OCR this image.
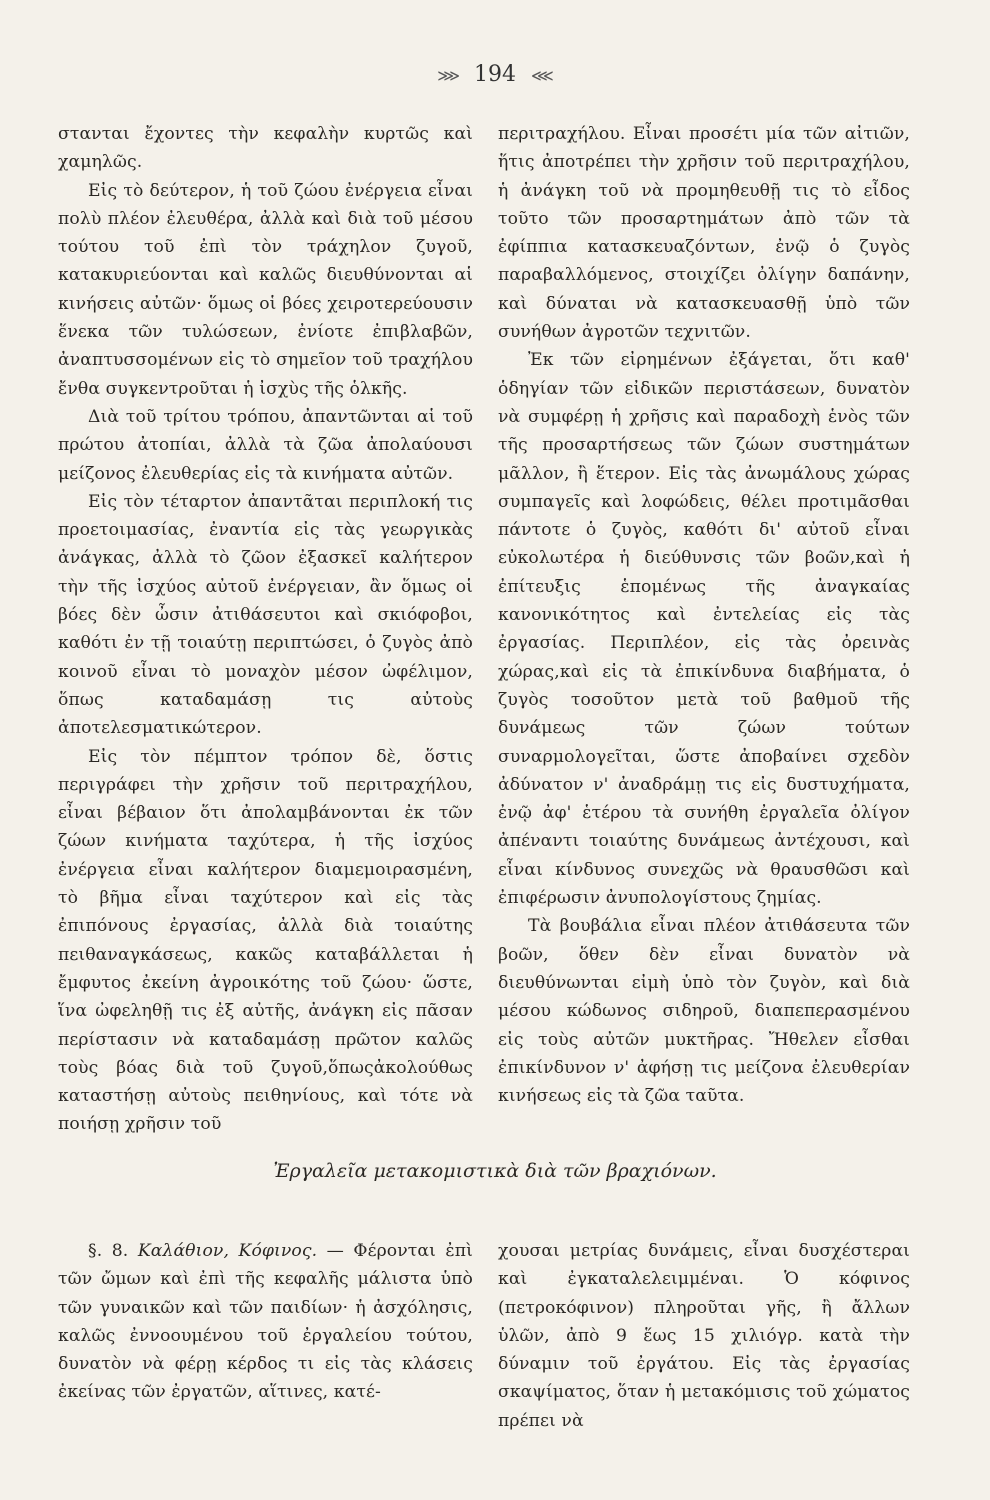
⋙ 194 ⋘

στανται ἔχοντες τὴν κεφαλὴν κυρτῶς καὶ χαμηλῶς.

Εἰς τὸ δεύτερον, ἡ τοῦ ζώου ἐνέργεια εἶναι πολὺ πλέον ἐλευθέρα, ἀλλὰ καὶ διὰ τοῦ μέσου τούτου τοῦ ἐπὶ τὸν τράχηλον ζυγοῦ, κατακυριεύονται καὶ καλῶς διευθύνονται αἱ κινήσεις αὐτῶν· ὅμως οἱ βόες χειροτερεύουσιν ἕνεκα τῶν τυλώσεων, ἐνίοτε ἐπιβλαβῶν, ἀναπτυσσομένων εἰς τὸ σημεῖον τοῦ τραχήλου ἔνθα συγκεντροῦται ἡ ἰσχὺς τῆς ὁλκῆς.

Διὰ τοῦ τρίτου τρόπου, ἀπαντῶνται αἱ τοῦ πρώτου ἀτοπίαι, ἀλλὰ τὰ ζῶα ἀπολαύουσι μείζονος ἐλευθερίας εἰς τὰ κινήματα αὐτῶν.

Εἰς τὸν τέταρτον ἀπαντᾶται περιπλοκή τις προετοιμασίας, ἐναντία εἰς τὰς γεωργικὰς ἀνάγκας, ἀλλὰ τὸ ζῶον ἐξασκεῖ καλήτερον τὴν τῆς ἰσχύος αὐτοῦ ἐνέργειαν, ἂν ὅμως οἱ βόες δὲν ὦσιν ἀτιθάσευτοι καὶ σκιόφοβοι, καθότι ἐν τῇ τοιαύτῃ περιπτώσει, ὁ ζυγὸς ἀπὸ κοινοῦ εἶναι τὸ μοναχὸν μέσον ὠφέλιμον, ὅπως καταδαμάσῃ τις αὐτοὺς ἀποτελεσματικώτερον.

Εἰς τὸν πέμπτον τρόπον δὲ, ὅστις περιγράφει τὴν χρῆσιν τοῦ περιτραχήλου, εἶναι βέβαιον ὅτι ἀπολαμβάνονται ἐκ τῶν ζώων κινήματα ταχύτερα, ἡ τῆς ἰσχύος ἐνέργεια εἶναι καλήτερον διαμεμοιρασμένη, τὸ βῆμα εἶναι ταχύτερον καὶ εἰς τὰς ἐπιπόνους ἐργασίας, ἀλλὰ διὰ τοιαύτης πειθαναγκάσεως, κακῶς καταβάλλεται ἡ ἔμφυτος ἐκείνη ἀγροικότης τοῦ ζώου· ὥστε, ἵνα ὠφεληθῇ τις ἐξ αὐτῆς, ἀνάγκη εἰς πᾶσαν περίστασιν νὰ καταδαμάσῃ πρῶτον καλῶς τοὺς βόας διὰ τοῦ ζυγοῦ,ὅπωςἀκολούθως καταστήσῃ αὐτοὺς πειθηνίους, καὶ τότε νὰ ποιήσῃ χρῆσιν τοῦ

περιτραχήλου. Εἶναι προσέτι μία τῶν αἰτιῶν, ἥτις ἀποτρέπει τὴν χρῆσιν τοῦ περιτραχήλου, ἡ ἀνάγκη τοῦ νὰ προμηθευθῇ τις τὸ εἶδος τοῦτο τῶν προσαρτημάτων ἀπὸ τῶν τὰ ἐφίππια κατασκευαζόντων, ἐνῷ ὁ ζυγὸς παραβαλλόμενος, στοιχίζει ὀλίγην δαπάνην, καὶ δύναται νὰ κατασκευασθῇ ὑπὸ τῶν συνήθων ἀγροτῶν τεχνιτῶν.

Ἐκ τῶν εἰρημένων ἐξάγεται, ὅτι καθ' ὁδηγίαν τῶν εἰδικῶν περιστάσεων, δυνατὸν νὰ συμφέρῃ ἡ χρῆσις καὶ παραδοχὴ ἑνὸς τῶν τῆς προσαρτήσεως τῶν ζώων συστημάτων μᾶλλον, ἢ ἕτερον. Εἰς τὰς ἀνωμάλους χώρας συμπαγεῖς καὶ λοφώδεις, θέλει προτιμᾶσθαι πάντοτε ὁ ζυγὸς, καθότι δι' αὐτοῦ εἶναι εὐκολωτέρα ἡ διεύθυνσις τῶν βοῶν,καὶ ἡ ἐπίτευξις ἑπομένως τῆς ἀναγκαίας κανονικότητος καὶ ἐντελείας εἰς τὰς ἐργασίας. Περιπλέον, εἰς τὰς ὀρεινὰς χώρας,καὶ εἰς τὰ ἐπικίνδυνα διαβήματα, ὁ ζυγὸς τοσοῦτον μετὰ τοῦ βαθμοῦ τῆς δυνάμεως τῶν ζώων τούτων συναρμολογεῖται, ὥστε ἀποβαίνει σχεδὸν ἀδύνατον ν' ἀναδράμῃ τις εἰς δυστυχήματα, ἐνῷ ἀφ' ἑτέρου τὰ συνήθη ἐργαλεῖα ὀλίγον ἀπέναντι τοιαύτης δυνάμεως ἀντέχουσι, καὶ εἶναι κίνδυνος συνεχῶς νὰ θραυσθῶσι καὶ ἐπιφέρωσιν ἀνυπολογίστους ζημίας.

Τὰ βουβάλια εἶναι πλέον ἀτιθάσευτα τῶν βοῶν, ὅθεν δὲν εἶναι δυνατὸν νὰ διευθύνωνται εἰμὴ ὑπὸ τὸν ζυγὸν, καὶ διὰ μέσου κώδωνος σιδηροῦ, διαπεπερασμένου εἰς τοὺς αὐτῶν μυκτῆρας. Ἤθελεν εἶσθαι ἐπικίνδυνον ν' ἀφήσῃ τις μείζονα ἐλευθερίαν κινήσεως εἰς τὰ ζῶα ταῦτα.

Ἐργαλεῖα μετακομιστικὰ διὰ τῶν βραχιόνων.

§. 8. Καλάθιον, Κόφινος. — Φέρονται ἐπὶ τῶν ὤμων καὶ ἐπὶ τῆς κεφαλῆς μάλιστα ὑπὸ τῶν γυναικῶν καὶ τῶν παιδίων· ἡ ἀσχόλησις, καλῶς ἐννοουμένου τοῦ ἐργαλείου τούτου, δυνατὸν νὰ φέρῃ κέρδος τι εἰς τὰς κλάσεις ἐκείνας τῶν ἐργατῶν, αἵτινες, κατέ-

χουσαι μετρίας δυνάμεις, εἶναι δυσχέστεραι καὶ ἐγκαταλελειμμέναι. Ὁ κόφινος (πετροκόφινον) πληροῦται γῆς, ἢ ἄλλων ὑλῶν, ἀπὸ 9 ἕως 15 χιλιόγρ. κατὰ τὴν δύναμιν τοῦ ἐργάτου. Εἰς τὰς ἐργασίας σκαψίματος, ὅταν ἡ μετακόμισις τοῦ χώματος πρέπει νὰ
